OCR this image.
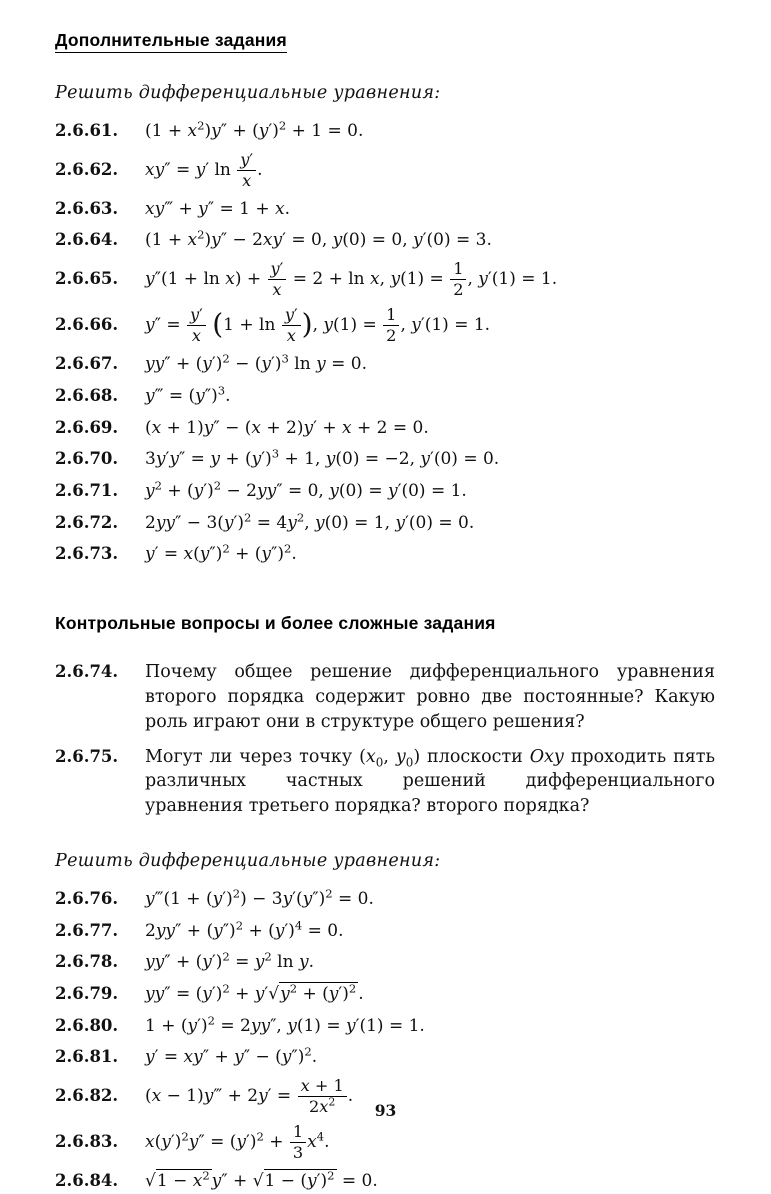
Дополнительные задания

Решить дифференциальные уравнения:

2.6.61.	$(1 + x^2)y'' + (y')^2 + 1 = 0$.
2.6.62.	xy″ = y′ $\ln \frac{y'}{x}$ .
2.6.63.	xy‴ + y″ = 1 + x.
2.6.64.	$(1 + x^2)y'' - 2xy' = 0$, y(0) = 0, y′(0) = 3.
2.6.65.	$y''(1 + \ln x) + \frac{y'}{x} = 2 + \ln x$, $y(1) = \frac{1}{2}$ , y′(1) = 1.
2.6.66.	$y'' = \frac{y'}{x} (1 + \ln \frac{y'}{x}$ ), $y(1) = \frac{1}{2}$ , y′(1) = 1.
2.6.67.	$yy'' + (y')^2 - (y')^3$ ln y = 0.
2.6.68.	y‴ = $(y'')^3$.
2.6.69.	(x + 1)y″ − (x + 2)y′ + x + 2 = 0.
2.6.70.	$3y'y'' = y + (y')^3 + 1$, y(0) = −2, y′(0) = 0.
2.6.71.	$y^2 + (y')^2 - 2yy'' = 0$, y(0) = y′(0) = 1.
2.6.72.	$2yy'' - 3(y')^2 = 4y^2$, y(0) = 1, y′(0) = 0.
2.6.73.	$y' = x(y'')^2 + (y'')^2$.
Контрольные вопросы и более сложные задания
2.6.74.	Почему общее решение дифференциального уравнения второго порядка содержит ровно две постоянные? Какую роль играют они в структуре общего решения?
2.6.75.	Могут ли через точку ($x_0$, $y_0$) плоскости Oxy проходить пять различных частных решений дифференциального уравнения третьего порядка? второго порядка?

Решить дифференциальные уравнения:

2.6.76.	y‴(1 + $(y')^2) - 3y'(y'')^2 = 0$.
2.6.77.	$2yy'' + (y'')^2 + (y')^4 = 0$.
2.6.78.	$yy'' + (y')^2 = y^2$ ln y.
2.6.79.	$yy'' = (y')^2 + y'√y^2 + (y')^2$ .
2.6.80.	$1 + (y')^2 = 2yy''$, y(1) = y′(1) = 1.
2.6.81.	$y' = xy'' + y'' - (y'')^2$.
2.6.82.	(x − 1)y‴ + $2y' = \frac{x + 1}{2x^2}$ .
2.6.83.	$x(y')^2y'' = (y')^2 + \frac{1}{3} x^4$.
2.6.84.	$√1 - x^2$ $y'' + √1 - (y')^2 = 0$.
93
